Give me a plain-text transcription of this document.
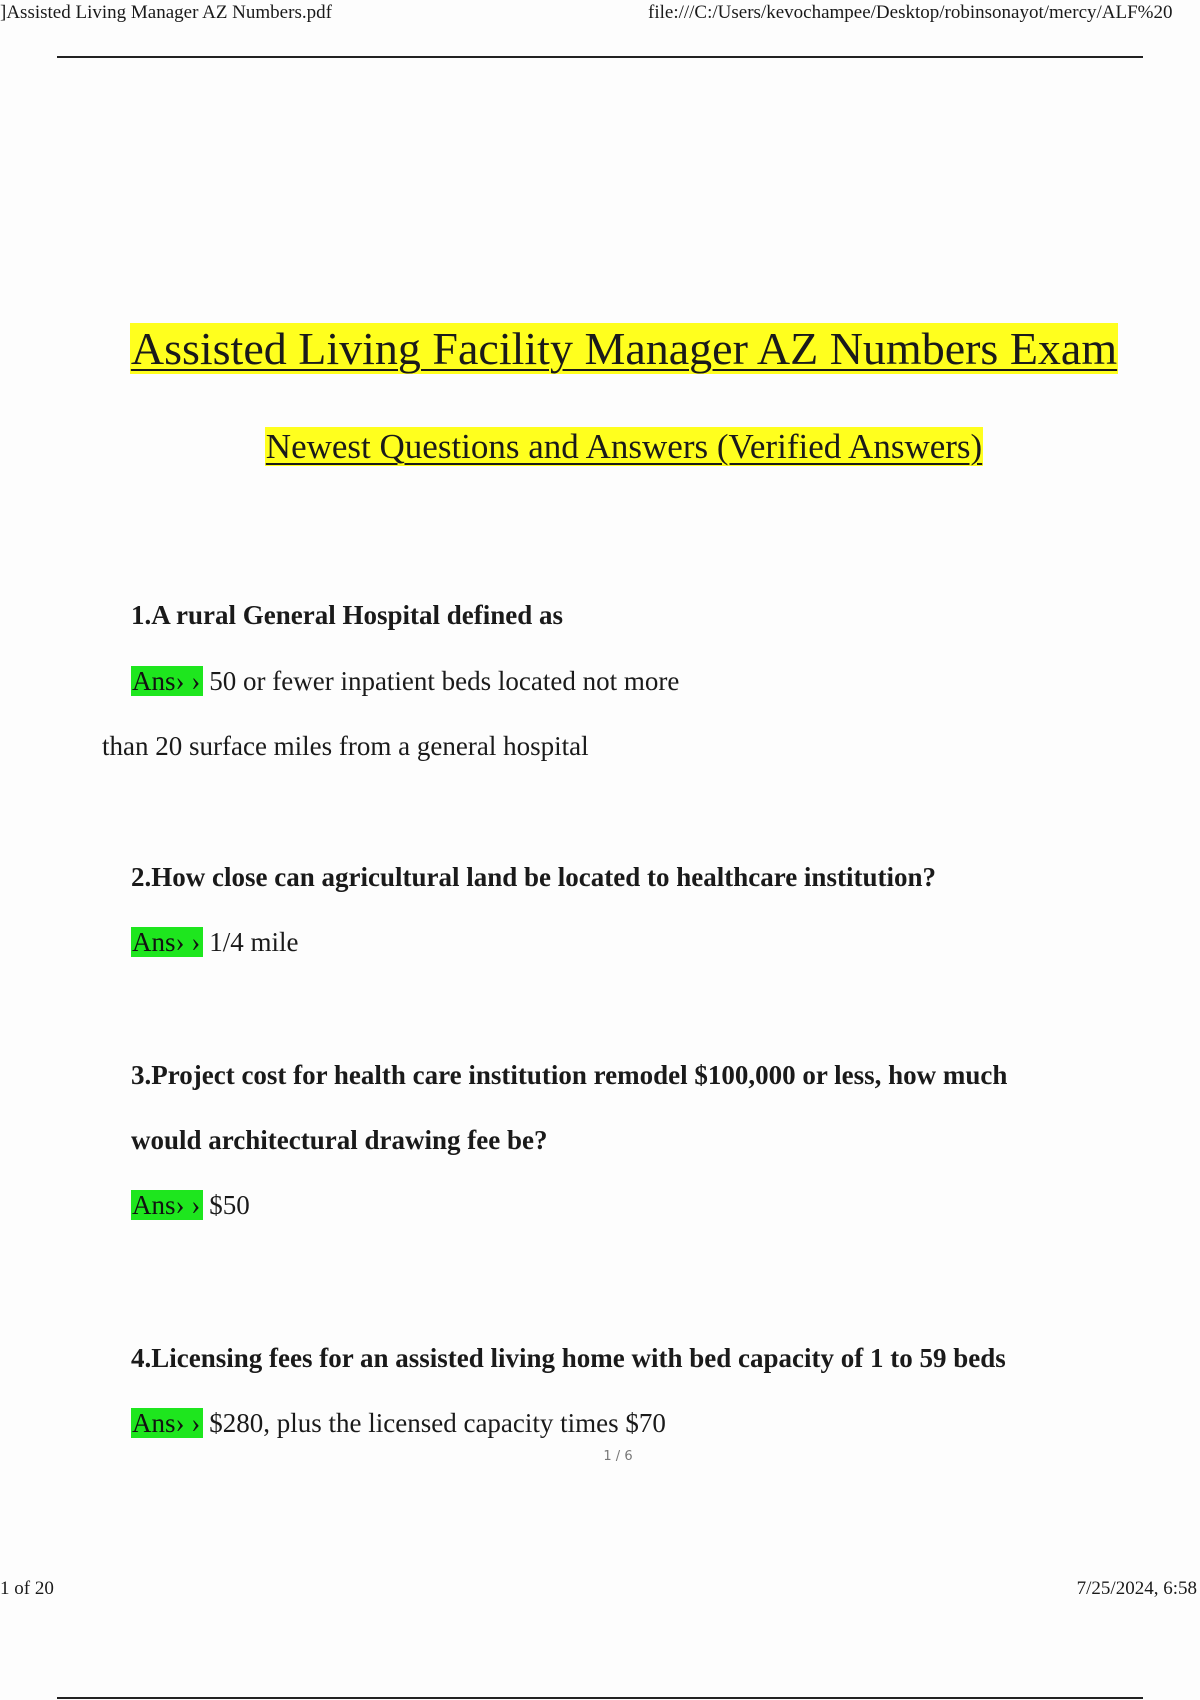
]Assisted Living Manager AZ Numbers.pdf	file:///C:/Users/kevochampee/Desktop/robinsonayot/mercy/ALF%20
Assisted Living Facility Manager AZ Numbers Exam
Newest Questions and Answers (Verified Answers)
1.A rural General Hospital defined as
Ans› › 50 or fewer inpatient beds located not more
than 20 surface miles from a general hospital
2.How close can agricultural land be located to healthcare institution?
Ans› › 1/4 mile
3.Project cost for health care institution remodel $100,000 or less, how much
would architectural drawing fee be?
Ans› › $50
4.Licensing fees for an assisted living home with bed capacity of 1 to 59 beds
Ans› › $280, plus the licensed capacity times $70
1 / 6
1 of 20	7/25/2024, 6:58
